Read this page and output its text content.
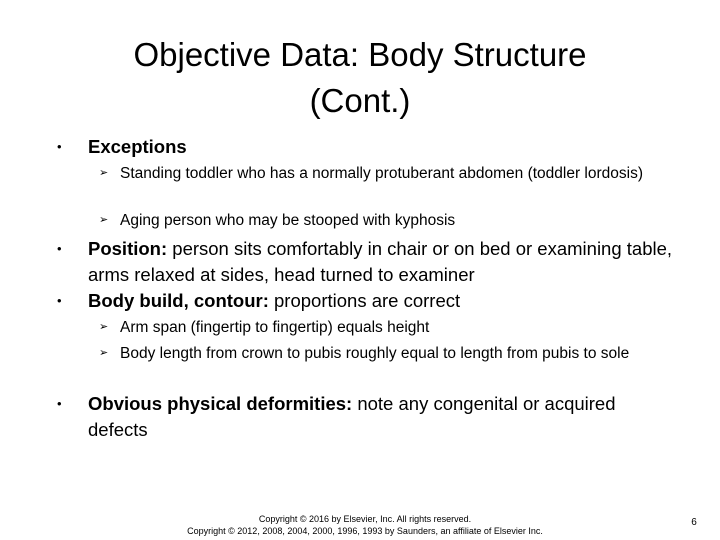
Objective Data: Body Structure
(Cont.)
• Exceptions
➢ Standing toddler who has a normally protuberant abdomen (toddler lordosis)
➢ Aging person who may be stooped with kyphosis
• Position: person sits comfortably in chair or on bed or examining table, arms relaxed at sides, head turned to examiner
• Body build, contour: proportions are correct
➢ Arm span (fingertip to fingertip) equals height
➢ Body length from crown to pubis roughly equal to length from pubis to sole
• Obvious physical deformities: note any congenital or acquired defects
Copyright © 2016 by Elsevier, Inc. All rights reserved.
Copyright © 2012, 2008, 2004, 2000, 1996, 1993 by Saunders, an affiliate of Elsevier Inc.
6
